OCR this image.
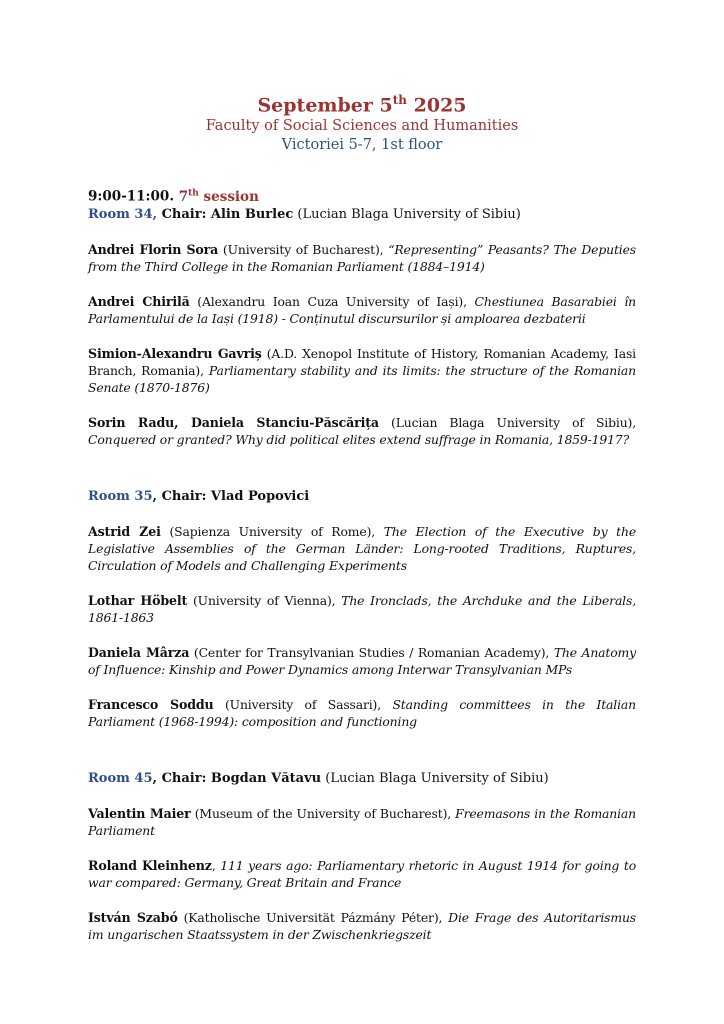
September 5th 2025
Faculty of Social Sciences and Humanities
Victoriei 5-7, 1st floor
9:00-11:00. 7th session
Room 34, Chair: Alin Burlec (Lucian Blaga University of Sibiu)
Andrei Florin Sora (University of Bucharest), “Representing” Peasants? The Deputies from the Third College in the Romanian Parliament (1884–1914)
Andrei Chirilă (Alexandru Ioan Cuza University of Iași), Chestiunea Basarabiei în Parlamentului de la Iași (1918) - Conținutul discursurilor și amploarea dezbaterii
Simion-Alexandru Gavriș (A.D. Xenopol Institute of History, Romanian Academy, Iasi Branch, Romania), Parliamentary stability and its limits: the structure of the Romanian Senate (1870-1876)
Sorin Radu, Daniela Stanciu-Păscărița (Lucian Blaga University of Sibiu), Conquered or granted? Why did political elites extend suffrage in Romania, 1859-1917?
Room 35, Chair: Vlad Popovici
Astrid Zei (Sapienza University of Rome), The Election of the Executive by the Legislative Assemblies of the German Länder: Long-rooted Traditions, Ruptures, Circulation of Models and Challenging Experiments
Lothar Höbelt (University of Vienna), The Ironclads, the Archduke and the Liberals, 1861-1863
Daniela Mârza (Center for Transylvanian Studies / Romanian Academy), The Anatomy of Influence: Kinship and Power Dynamics among Interwar Transylvanian MPs
Francesco Soddu (University of Sassari), Standing committees in the Italian Parliament (1968-1994): composition and functioning
Room 45, Chair: Bogdan Vătavu (Lucian Blaga University of Sibiu)
Valentin Maier (Museum of the University of Bucharest), Freemasons in the Romanian Parliament
Roland Kleinhenz, 111 years ago: Parliamentary rhetoric in August 1914 for going to war compared: Germany, Great Britain and France
István Szabó (Katholische Universität Pázmány Péter), Die Frage des Autoritarismus im ungarischen Staatssystem in der Zwischenkriegszeit
